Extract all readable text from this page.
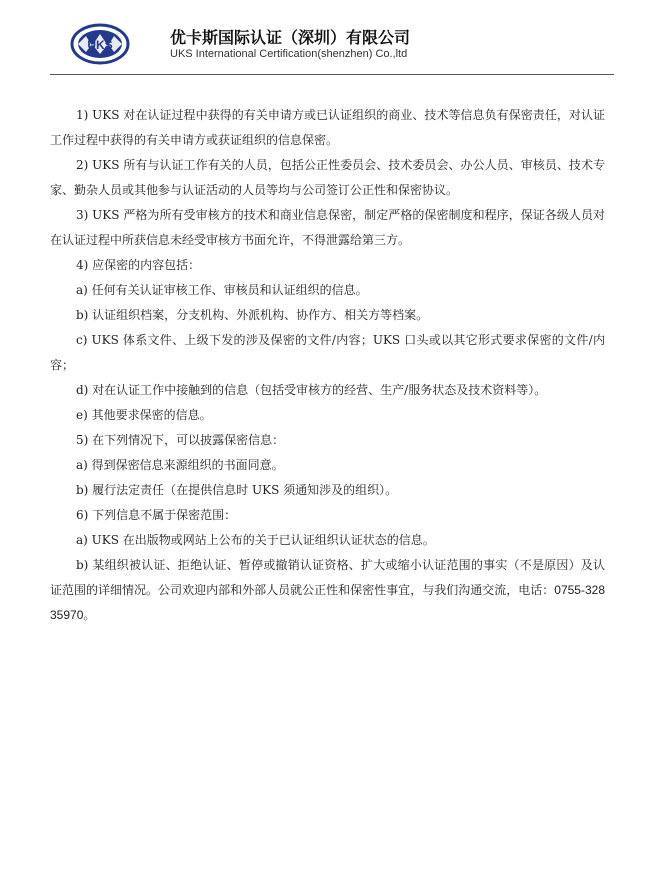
UKS	优卡斯国际认证（深圳）有限公司
UKS International Certification(shenzhen) Co.,ltd

1) UKS 对在认证过程中获得的有关申请方或已认证组织的商业、技术等信息负有保密责任，对认证工作过程中获得的有关申请方或获证组织的信息保密。

2) UKS 所有与认证工作有关的人员，包括公正性委员会、技术委员会、办公人员、审核员、技术专家、勤杂人员或其他参与认证活动的人员等均与公司签订公正性和保密协议。

3) UKS 严格为所有受审核方的技术和商业信息保密，制定严格的保密制度和程序，保证各级人员对在认证过程中所获信息未经受审核方书面允许，不得泄露给第三方。

4) 应保密的内容包括：

a) 任何有关认证审核工作、审核员和认证组织的信息。

b) 认证组织档案，分支机构、外派机构、协作方、相关方等档案。

c) UKS 体系文件、上级下发的涉及保密的文件/内容；UKS 口头或以其它形式要求保密的文件/内容；

d) 对在认证工作中接触到的信息（包括受审核方的经营、生产/服务状态及技术资料等）。

e) 其他要求保密的信息。

5) 在下列情况下，可以披露保密信息：

a) 得到保密信息来源组织的书面同意。

b) 履行法定责任（在提供信息时 UKS 须通知涉及的组织）。

6) 下列信息不属于保密范围：

a) UKS 在出版物或网站上公布的关于已认证组织认证状态的信息。

b) 某组织被认证、拒绝认证、暂停或撤销认证资格、扩大或缩小认证范围的事实（不是原因）及认证范围的详细情况。公司欢迎内部和外部人员就公正性和保密性事宜，与我们沟通交流，电话：0755-32835970。
